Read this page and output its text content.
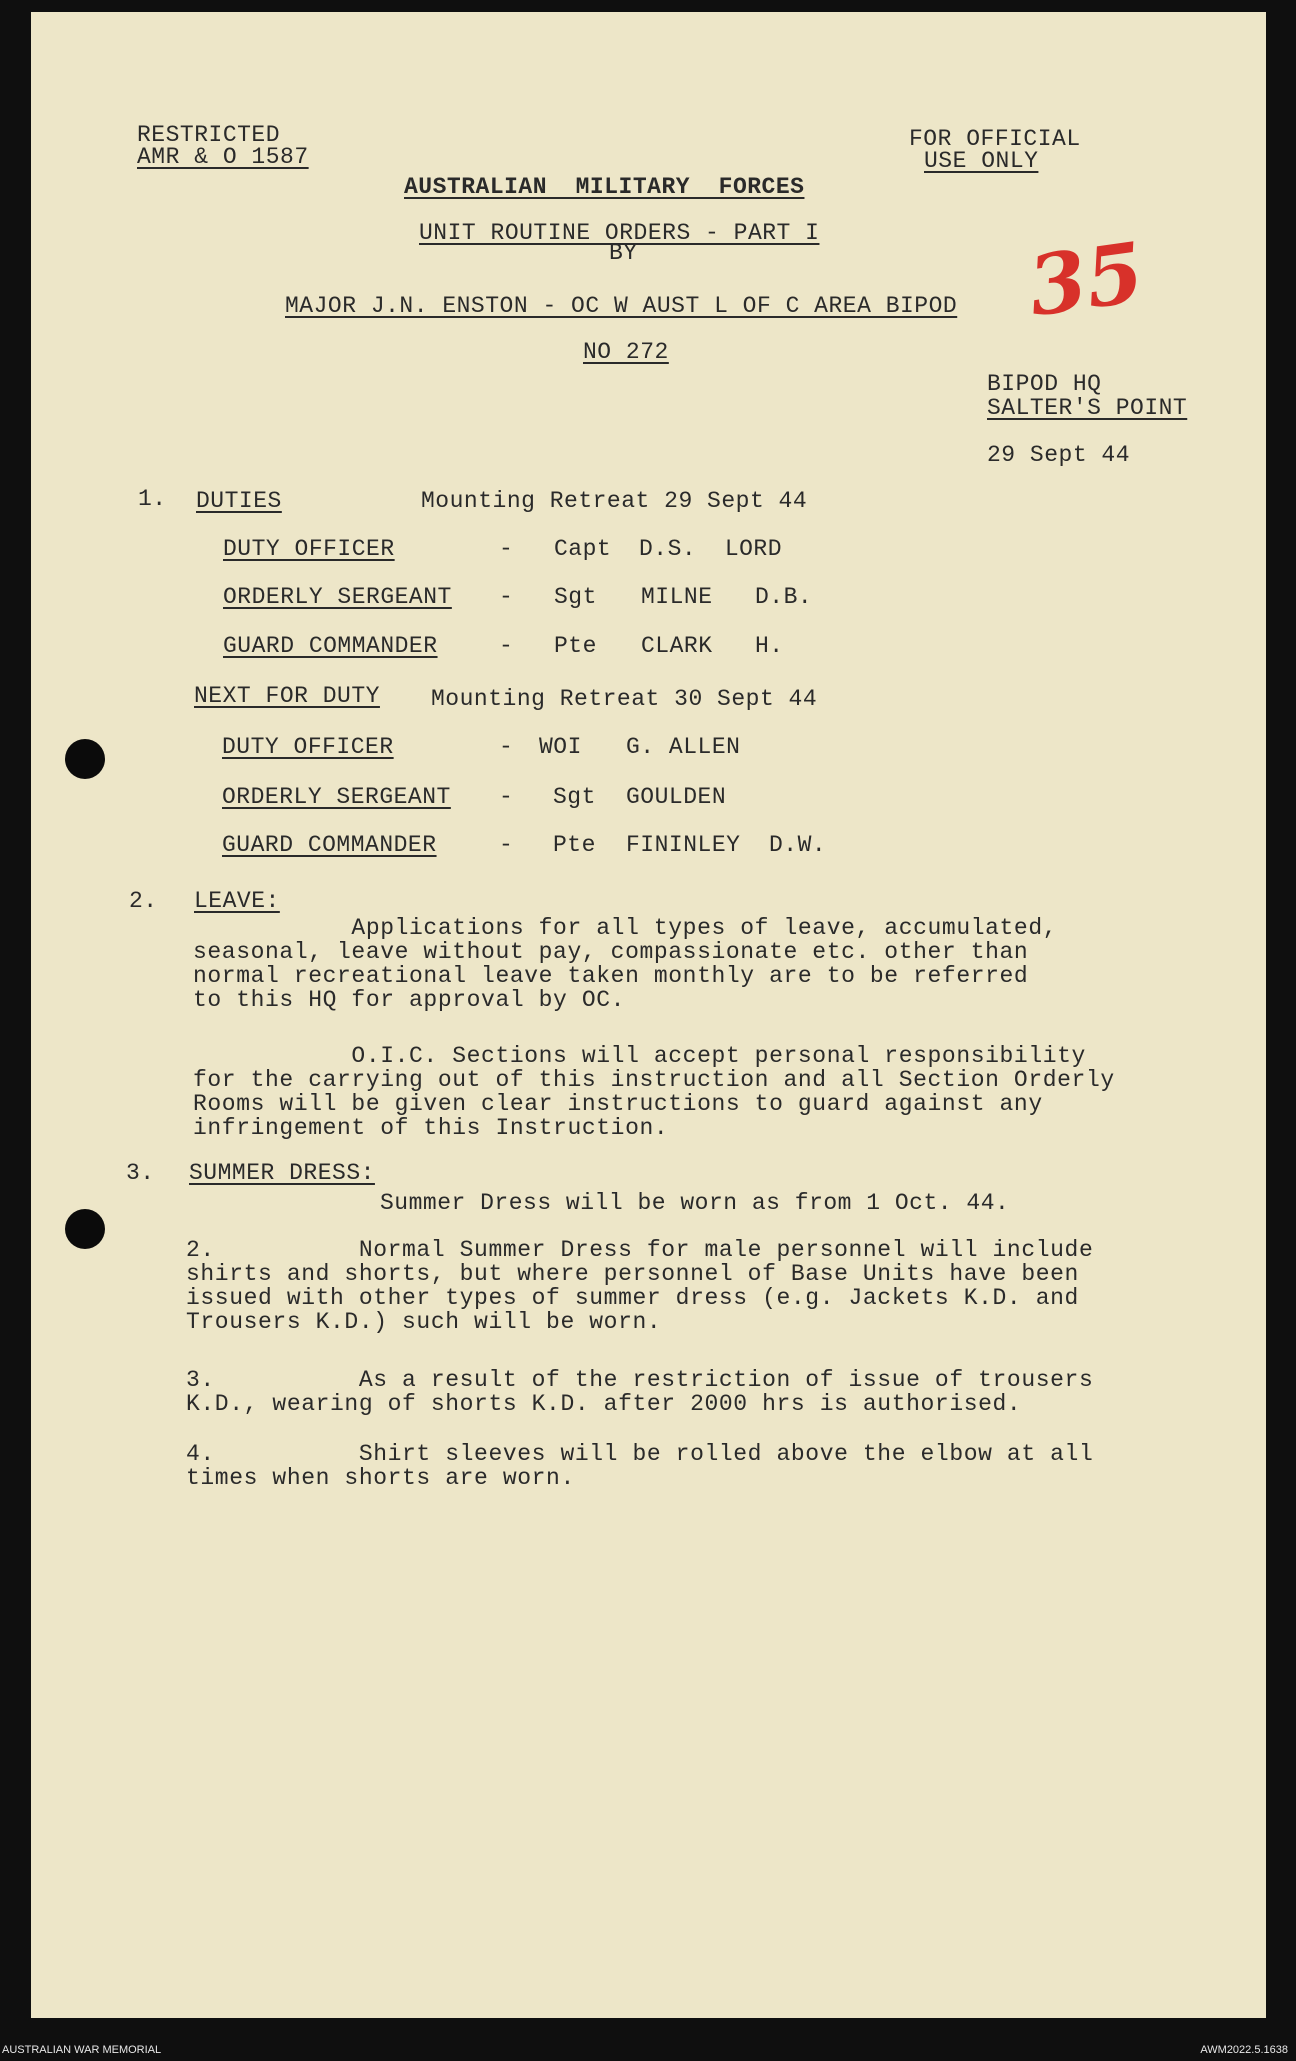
RESTRICTED
AMR & O 1587
FOR OFFICIAL
USE ONLY
AUSTRALIAN  MILITARY  FORCES
UNIT ROUTINE ORDERS - PART I
BY
MAJOR J.N. ENSTON - OC W AUST L OF C AREA BIPOD
NO 272
35
BIPOD HQ
SALTER'S POINT
29 Sept 44
1. DUTIES	Mounting Retreat 29 Sept 44
DUTY OFFICER	- Capt D.S.  LORD
ORDERLY SERGEANT - Sgt MILNE D.B.
GUARD COMMANDER	- Pte CLARK H.
NEXT FOR DUTY Mounting Retreat 30 Sept 44
DUTY OFFICER	- WOI G. ALLEN
ORDERLY SERGEANT - Sgt GOULDEN
GUARD COMMANDER	- Pte FININLEY D.W.
2. LEAVE:
Applications for all types of leave, accumulated,
seasonal, leave without pay, compassionate etc. other than
normal recreational leave taken monthly are to be referred
to this HQ for approval by OC.
O.I.C. Sections will accept personal responsibility
for the carrying out of this instruction and all Section Orderly
Rooms will be given clear instructions to guard against any
infringement of this Instruction.
3. SUMMER DRESS:
Summer Dress will be worn as from 1 Oct. 44.
2.          Normal Summer Dress for male personnel will include
shirts and shorts, but where personnel of Base Units have been
issued with other types of summer dress (e.g. Jackets K.D. and
Trousers K.D.) such will be worn.
3.          As a result of the restriction of issue of trousers
K.D., wearing of shorts K.D. after 2000 hrs is authorised.
4.          Shirt sleeves will be rolled above the elbow at all
times when shorts are worn.
AUSTRALIAN WAR MEMORIAL	AWM2022.5.1638
